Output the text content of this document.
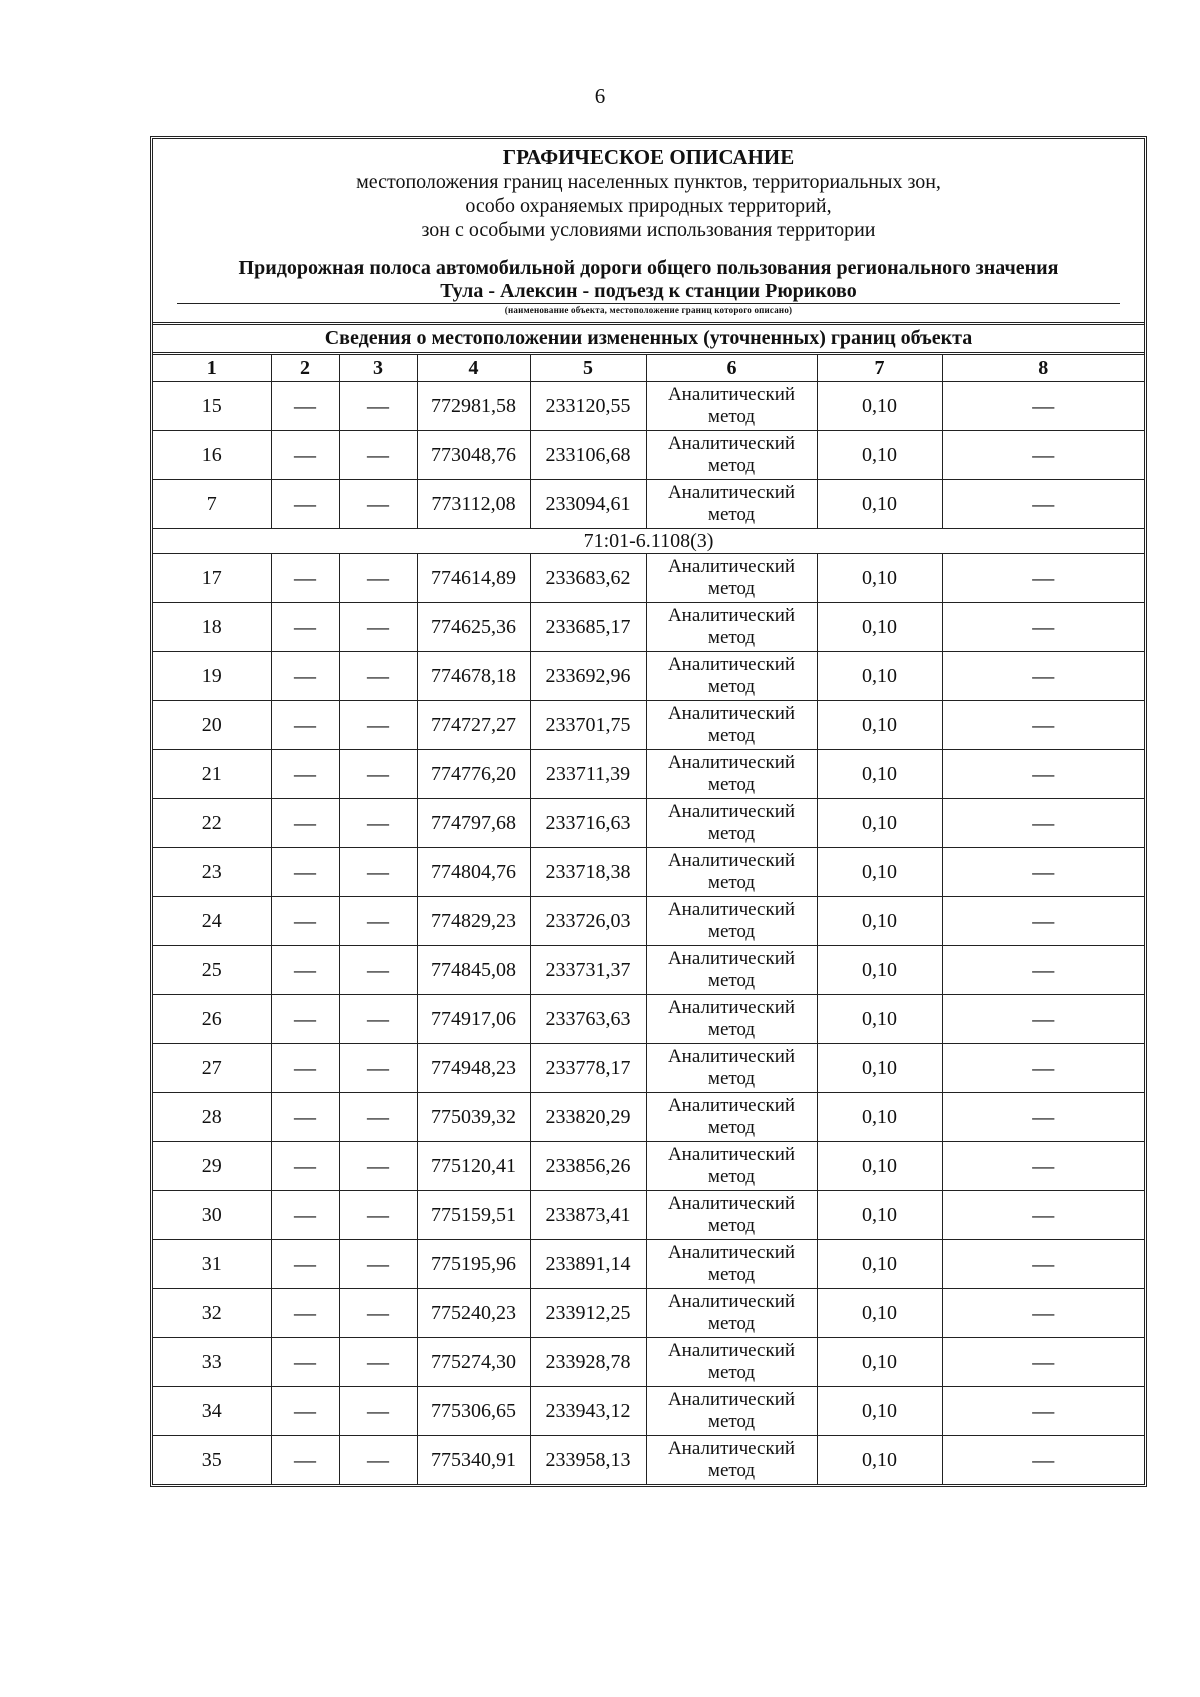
6
ГРАФИЧЕСКОЕ ОПИСАНИЕ
местоположения границ населенных пунктов, территориальных зон,
особо охраняемых природных территорий,
зон с особыми условиями использования территории
Придорожная полоса автомобильной дороги общего пользования регионального значения
Тула - Алексин - подъезд к станции Рюриково
(наименование объекта, местоположение границ которого описано)
Сведения о местоположении измененных (уточненных) границ объекта
1	2	3	4	5	6	7	8
15	—	—	772981,58	233120,55	Аналитический метод	0,10	—
16	—	—	773048,76	233106,68	Аналитический метод	0,10	—
7	—	—	773112,08	233094,61	Аналитический метод	0,10	—
71:01-6.1108(3)							
17	—	—	774614,89	233683,62	Аналитический метод	0,10	—
18	—	—	774625,36	233685,17	Аналитический метод	0,10	—
19	—	—	774678,18	233692,96	Аналитический метод	0,10	—
20	—	—	774727,27	233701,75	Аналитический метод	0,10	—
21	—	—	774776,20	233711,39	Аналитический метод	0,10	—
22	—	—	774797,68	233716,63	Аналитический метод	0,10	—
23	—	—	774804,76	233718,38	Аналитический метод	0,10	—
24	—	—	774829,23	233726,03	Аналитический метод	0,10	—
25	—	—	774845,08	233731,37	Аналитический метод	0,10	—
26	—	—	774917,06	233763,63	Аналитический метод	0,10	—
27	—	—	774948,23	233778,17	Аналитический метод	0,10	—
28	—	—	775039,32	233820,29	Аналитический метод	0,10	—
29	—	—	775120,41	233856,26	Аналитический метод	0,10	—
30	—	—	775159,51	233873,41	Аналитический метод	0,10	—
31	—	—	775195,96	233891,14	Аналитический метод	0,10	—
32	—	—	775240,23	233912,25	Аналитический метод	0,10	—
33	—	—	775274,30	233928,78	Аналитический метод	0,10	—
34	—	—	775306,65	233943,12	Аналитический метод	0,10	—
35	—	—	775340,91	233958,13	Аналитический метод	0,10	—
